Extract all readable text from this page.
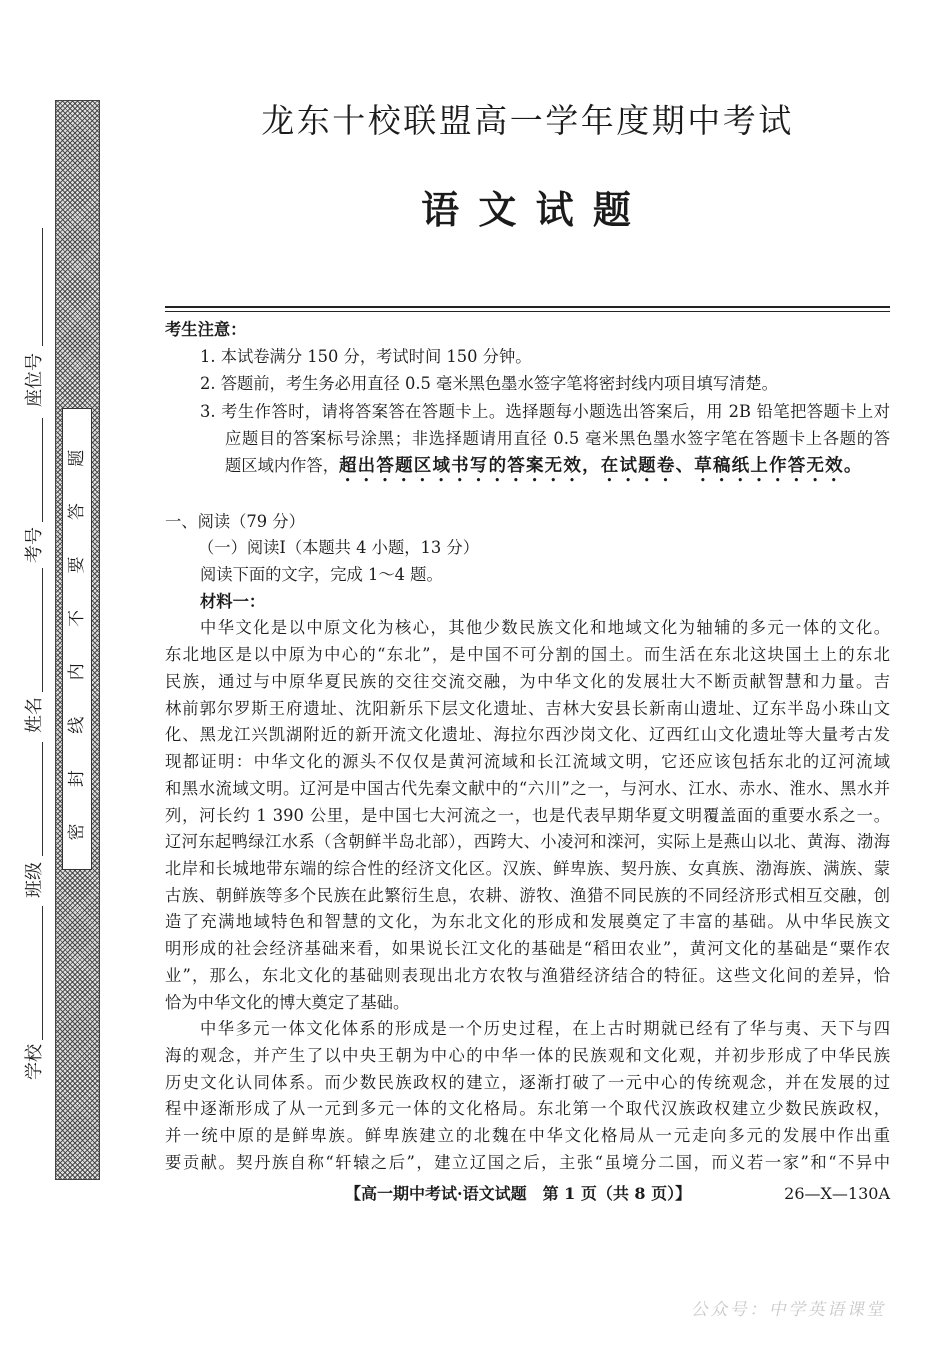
密封线内不要答题
座位号
考号
姓名
班级
学校
龙东十校联盟高一学年度期中考试
语 文 试 题
考生注意：
1. 本试卷满分 150 分，考试时间 150 分钟。
2. 答题前，考生务必用直径 0.5 毫米黑色墨水签字笔将密封线内项目填写清楚。
3. 考生作答时，请将答案答在答题卡上。选择题每小题选出答案后，用 2B 铅笔把答题卡上对
应题目的答案标号涂黑；非选择题请用直径 0.5 毫米黑色墨水签字笔在答题卡上各题的答
题区域内作答，超出答题区域书写的答案无效，在试题卷、草稿纸上作答无效。
一、阅读（79 分）
（一）阅读Ⅰ（本题共 4 小题，13 分）
阅读下面的文字，完成 1～4 题。
材料一：
中华文化是以中原文化为核心，其他少数民族文化和地域文化为轴辅的多元一体的文化。
东北地区是以中原为中心的“东北”，是中国不可分割的国土。而生活在东北这块国土上的东北
民族，通过与中原华夏民族的交往交流交融，为中华文化的发展壮大不断贡献智慧和力量。吉
林前郭尔罗斯王府遗址、沈阳新乐下层文化遗址、吉林大安县长新南山遗址、辽东半岛小珠山文
化、黑龙江兴凯湖附近的新开流文化遗址、海拉尔西沙岗文化、辽西红山文化遗址等大量考古发
现都证明：中华文化的源头不仅仅是黄河流域和长江流域文明，它还应该包括东北的辽河流域
和黑水流域文明。辽河是中国古代先秦文献中的“六川”之一，与河水、江水、赤水、淮水、黑水并
列，河长约 1 390 公里，是中国七大河流之一，也是代表早期华夏文明覆盖面的重要水系之一。
辽河东起鸭绿江水系（含朝鲜半岛北部），西跨大、小凌河和滦河，实际上是燕山以北、黄海、渤海
北岸和长城地带东端的综合性的经济文化区。汉族、鲜卑族、契丹族、女真族、渤海族、满族、蒙
古族、朝鲜族等多个民族在此繁衍生息，农耕、游牧、渔猎不同民族的不同经济形式相互交融，创
造了充满地域特色和智慧的文化，为东北文化的形成和发展奠定了丰富的基础。从中华民族文
明形成的社会经济基础来看，如果说长江文化的基础是“稻田农业”，黄河文化的基础是“粟作农
业”，那么，东北文化的基础则表现出北方农牧与渔猎经济结合的特征。这些文化间的差异，恰
恰为中华文化的博大奠定了基础。
中华多元一体文化体系的形成是一个历史过程，在上古时期就已经有了华与夷、天下与四
海的观念，并产生了以中央王朝为中心的中华一体的民族观和文化观，并初步形成了中华民族
历史文化认同体系。而少数民族政权的建立，逐渐打破了一元中心的传统观念，并在发展的过
程中逐渐形成了从一元到多元一体的文化格局。东北第一个取代汉族政权建立少数民族政权，
并一统中原的是鲜卑族。鲜卑族建立的北魏在中华文化格局从一元走向多元的发展中作出重
要贡献。契丹族自称“轩辕之后”，建立辽国之后，主张“虽境分二国，而义若一家”和“不异中
【高一期中考试·语文试题　第 1 页（共 8 页）】	26—X—130A
公众号：中学英语课堂
